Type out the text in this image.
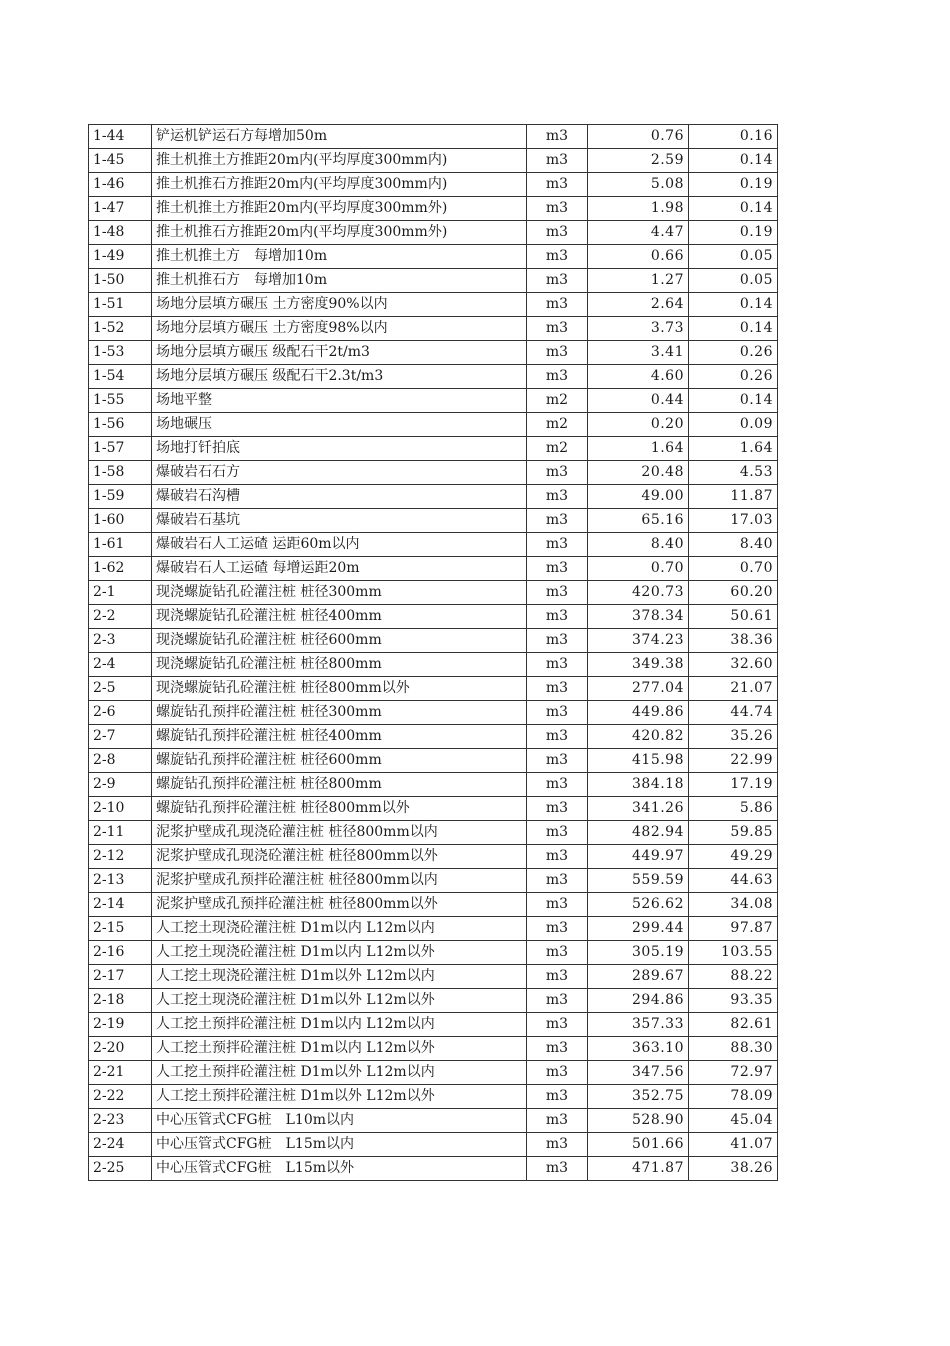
1-44	铲运机铲运石方每增加50m	m3	0.76	0.16
1-45	推土机推土方推距20m内(平均厚度300mm内)	m3	2.59	0.14
1-46	推土机推石方推距20m内(平均厚度300mm内)	m3	5.08	0.19
1-47	推土机推土方推距20m内(平均厚度300mm外)	m3	1.98	0.14
1-48	推土机推石方推距20m内(平均厚度300mm外)	m3	4.47	0.19
1-49	推土机推土方　每增加10m	m3	0.66	0.05
1-50	推土机推石方　每增加10m	m3	1.27	0.05
1-51	场地分层填方碾压 土方密度90%以内	m3	2.64	0.14
1-52	场地分层填方碾压 土方密度98%以内	m3	3.73	0.14
1-53	场地分层填方碾压 级配石干2t/m3	m3	3.41	0.26
1-54	场地分层填方碾压 级配石干2.3t/m3	m3	4.60	0.26
1-55	场地平整	m2	0.44	0.14
1-56	场地碾压	m2	0.20	0.09
1-57	场地打钎拍底	m2	1.64	1.64
1-58	爆破岩石石方	m3	20.48	4.53
1-59	爆破岩石沟槽	m3	49.00	11.87
1-60	爆破岩石基坑	m3	65.16	17.03
1-61	爆破岩石人工运碴 运距60m以内	m3	8.40	8.40
1-62	爆破岩石人工运碴 每增运距20m	m3	0.70	0.70
2-1	现浇螺旋钻孔砼灌注桩 桩径300mm	m3	420.73	60.20
2-2	现浇螺旋钻孔砼灌注桩 桩径400mm	m3	378.34	50.61
2-3	现浇螺旋钻孔砼灌注桩 桩径600mm	m3	374.23	38.36
2-4	现浇螺旋钻孔砼灌注桩 桩径800mm	m3	349.38	32.60
2-5	现浇螺旋钻孔砼灌注桩 桩径800mm以外	m3	277.04	21.07
2-6	螺旋钻孔预拌砼灌注桩 桩径300mm	m3	449.86	44.74
2-7	螺旋钻孔预拌砼灌注桩 桩径400mm	m3	420.82	35.26
2-8	螺旋钻孔预拌砼灌注桩 桩径600mm	m3	415.98	22.99
2-9	螺旋钻孔预拌砼灌注桩 桩径800mm	m3	384.18	17.19
2-10	螺旋钻孔预拌砼灌注桩 桩径800mm以外	m3	341.26	5.86
2-11	泥浆护壁成孔现浇砼灌注桩 桩径800mm以内	m3	482.94	59.85
2-12	泥浆护壁成孔现浇砼灌注桩 桩径800mm以外	m3	449.97	49.29
2-13	泥浆护壁成孔预拌砼灌注桩 桩径800mm以内	m3	559.59	44.63
2-14	泥浆护壁成孔预拌砼灌注桩 桩径800mm以外	m3	526.62	34.08
2-15	人工挖土现浇砼灌注桩 D1m以内 L12m以内	m3	299.44	97.87
2-16	人工挖土现浇砼灌注桩 D1m以内 L12m以外	m3	305.19	103.55
2-17	人工挖土现浇砼灌注桩 D1m以外 L12m以内	m3	289.67	88.22
2-18	人工挖土现浇砼灌注桩 D1m以外 L12m以外	m3	294.86	93.35
2-19	人工挖土预拌砼灌注桩 D1m以内 L12m以内	m3	357.33	82.61
2-20	人工挖土预拌砼灌注桩 D1m以内 L12m以外	m3	363.10	88.30
2-21	人工挖土预拌砼灌注桩 D1m以外 L12m以内	m3	347.56	72.97
2-22	人工挖土预拌砼灌注桩 D1m以外 L12m以外	m3	352.75	78.09
2-23	中心压管式CFG桩　L10m以内	m3	528.90	45.04
2-24	中心压管式CFG桩　L15m以内	m3	501.66	41.07
2-25	中心压管式CFG桩　L15m以外	m3	471.87	38.26
